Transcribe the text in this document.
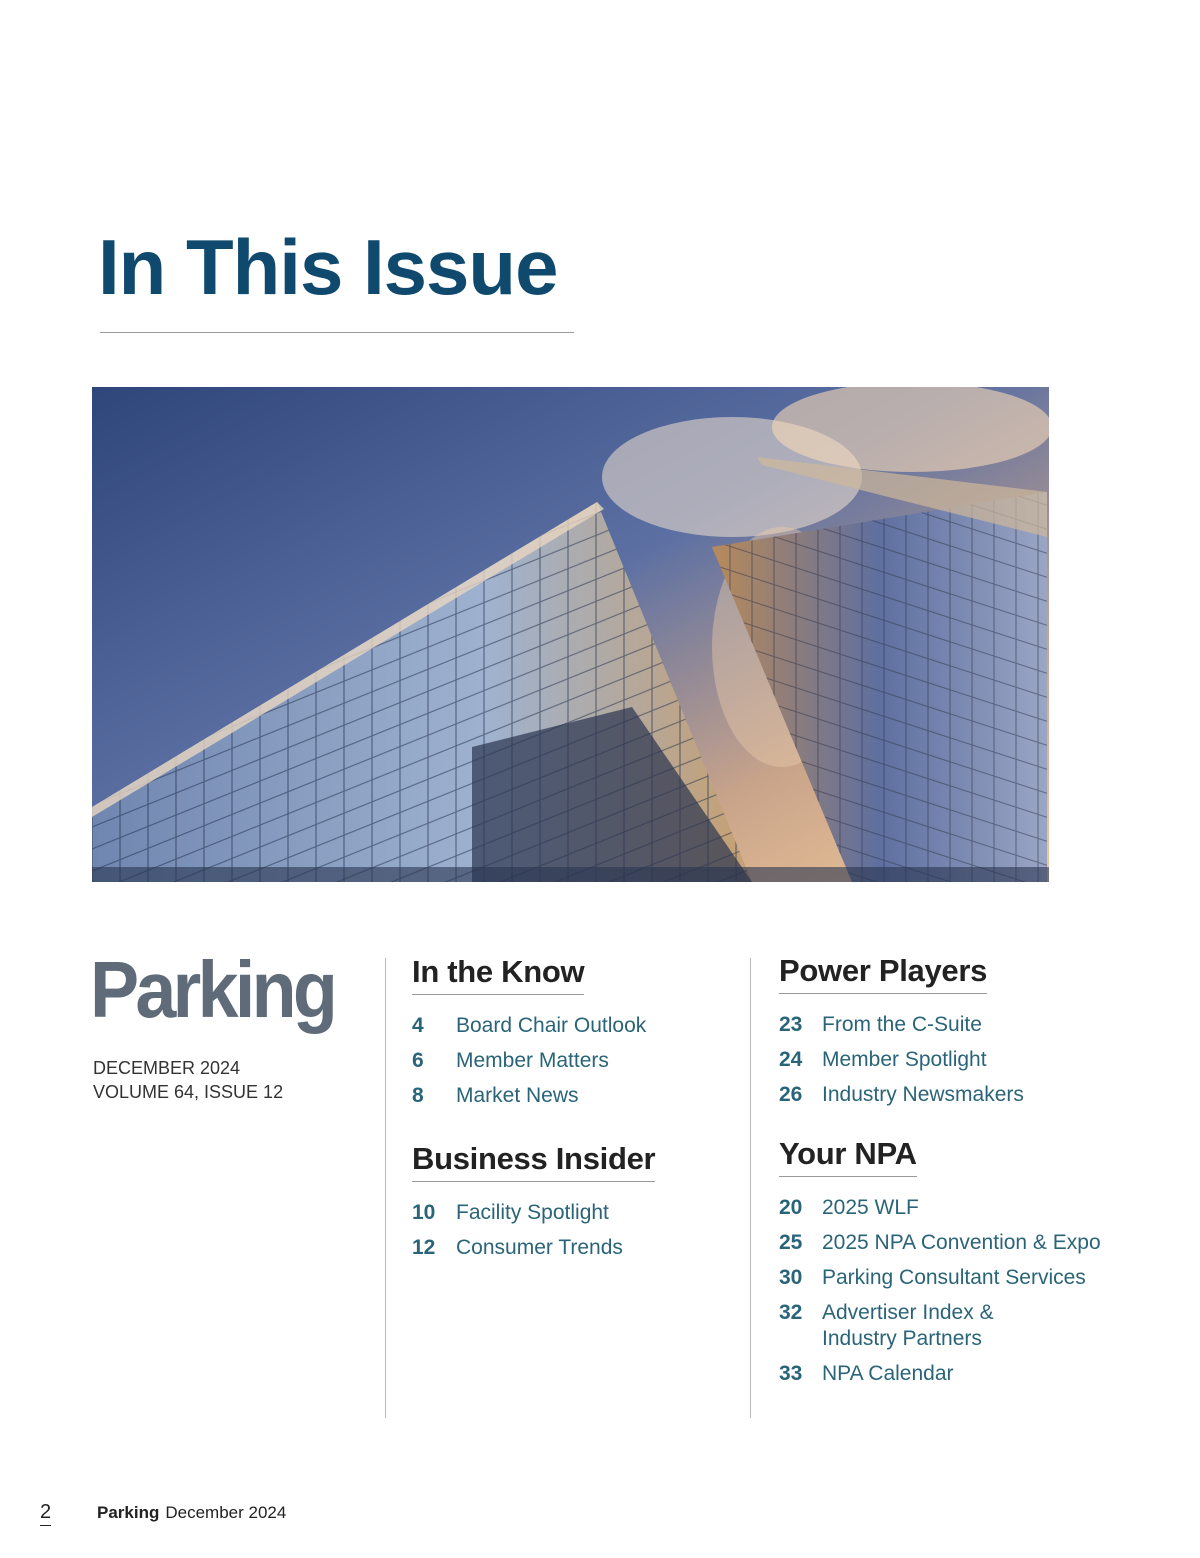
In This Issue
Parking
DECEMBER 2024
VOLUME 64, ISSUE 12
In the Know
4	Board Chair Outlook
6	Member Matters
8	Market News
Business Insider
10 Facility Spotlight
12 Consumer Trends
Power Players
23 From the C-Suite
24 Member Spotlight
26 Industry Newsmakers
Your NPA
20 2025 WLF
25 2025 NPA Convention & Expo
30 Parking Consultant Services
32 Advertiser Index & Industry Partners
33 NPA Calendar
2	Parking December 2024
